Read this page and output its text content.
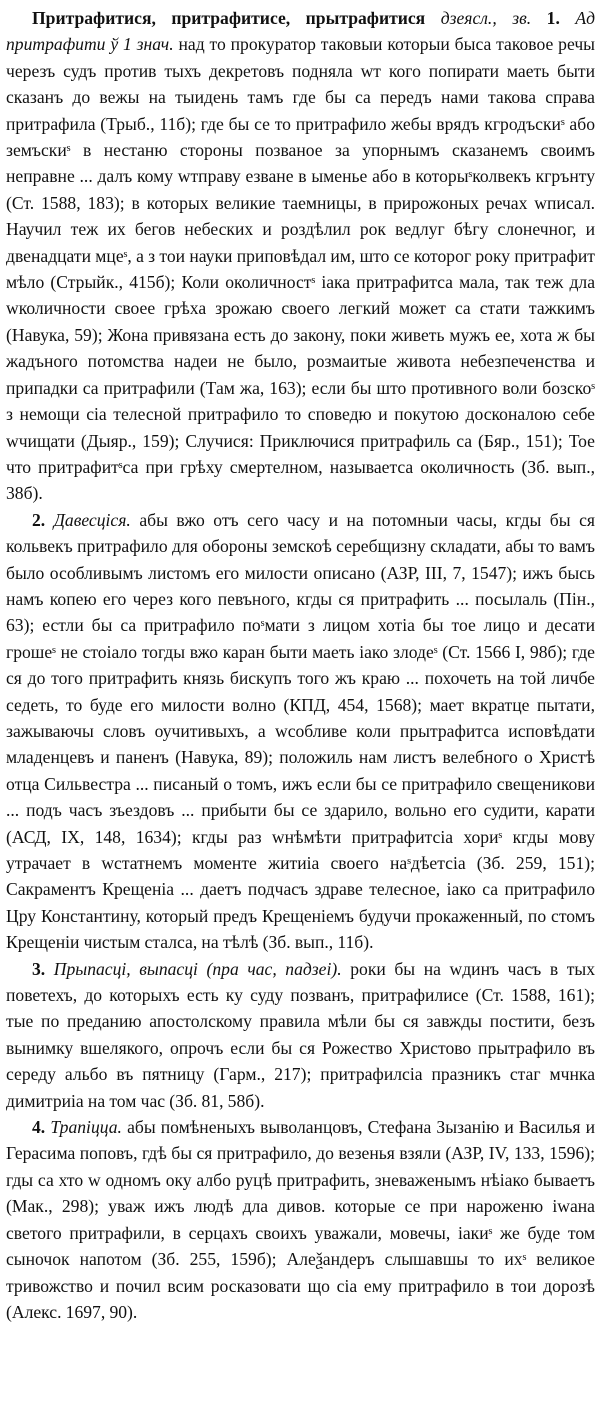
Притрафитися, притрафитисе, прытрафитися дзеясл., зв. 1. Ад притрафити ў 1 знач. над то прокуратор таковыи которыи быса таковое речы черезъ судъ против тыхъ декретовъ подняла wт кого попирати маеть быти сказанъ до вежы на тыидень тамъ где бы са передъ нами такова справа притрафила (Трыб., 11б); где бы се то притрафило жебы врядъ кгродъскиˢ або земъскиˢ в нестаню стороны позваное за упорнымъ сказанемъ своимъ неправне ... далъ кому wтправу езване в ыменье або в которыˢколвекъ кгрънту (Ст. 1588, 183); в которых великие таемницы, в прирожоных речах wписал. Научил теж их бегов небеских и роздѣлил рок ведлуг бѣгу слонечног, и двенадцати мцеˢ, а з тои науки приповѣдал им, што се которог року притрафит мѣло (Стрыйк., 415б); Коли околичностˢ iака притрафитса мала, так теж дла wколичности своее грѣха зрожаю своего легкий может са стати тажкимъ (Навука, 59); Жона привязана есть до закону, поки живеть мужъ ее, хота ж бы жадъного потомства надеи не было, розмаитые живота небезпеченства и припадки са притрафили (Там жа, 163); если бы што противного воли бозскоˢ з немощи сiа телесной притрафило то споведю и покутою досконалою себе wчищати (Дыяр., 159); Случися: Приключися притрафиль са (Бяр., 151); Тое что притрафитˢса при грѣху смертелном, называетса околичность (Зб. вып., 38б).

2. Давесціся. абы вжо отъ сего часу и на потомныи часы, кгды бы ся кольвекъ притрафило для обороны земскоѣ серебщизну складати, абы то вамъ было особливымъ листомъ его милости описано (АЗР, III, 7, 1547); ижъ бысь намъ копею его через кого певъного, кгды ся притрафить ... посылаль (Пін., 63); естли бы са притрафило поˢмати з лицом хотiа бы тое лицо и десати грошеˢ не стоiало тогды вжо каран быти маеть iако злодеˢ (Ст. 1566 I, 98б); где ся до того притрафить князь бискупъ того жъ краю ... похочеть на той личбе седеть, то буде его милости волно (КПД, 454, 1568); мает вкратце пытати, зажываючы словъ оучитивыхъ, а wсобливе коли прытрафитса исповѣдати младенцевъ и паненъ (Навука, 89); положиль нам листъ велебного о Христѣ отца Сильвестра ... писаный о томъ, ижъ если бы се притрафило свещеникови ... подъ часъ зъездовъ ... прибыти бы се здарило, вольно его судити, карати (АСД, IX, 148, 1634); кгды раз wнѣмѣти притрафитсiа хориˢ кгды мову утрачает в wстатнемъ моменте житиiа своего наˢдѣетсiа (Зб. 259, 151); Сакраментъ Крещенiа ... даетъ подчасъ здраве телесное, iако са притрафило Цру Константину, который предъ Крещенiемъ будучи прокаженный, по стомъ Крещенiи чистым сталса, на тѣлѣ (Зб. вып., 11б).

3. Прыпасці, выпасці (пра час, падзеі). роки бы на wдинъ часъ в тых поветехъ, до которыхъ есть ку суду позванъ, притрафилисе (Ст. 1588, 161); тые по преданию апостолскому правила мѣли бы ся завжды постити, безъ вынимку вшелякого, опрочъ если бы ся Рожество Христово прытрафило въ середу альбо въ пятницу (Гарм., 217); притрафилсiа празникъ стаг мчнка димитриiа на том час (Зб. 81, 58б).

4. Трапіцца. абы помѣненыхъ выволанцовъ, Стефана Зызанію и Василья и Герасима поповъ, гдѣ бы ся притрафило, до везенья взяли (АЗР, IV, 133, 1596); гды са хто w одномъ оку албо руцѣ притрафить, зневаженымъ нѣiако бываетъ (Мак., 298); уваж ижъ людѣ дла дивов. которые се при нароженю iwана светого притрафили, в серцахъ своихъ уважали, мовечы, iакиˢ же буде том сыночок напотом (Зб. 255, 159б); Алеѯандеръ слышавшы то ихˢ великое тривожство и почил всим росказовати що сiа ему притрафило в тои дорозѣ (Алекс. 1697, 90).
